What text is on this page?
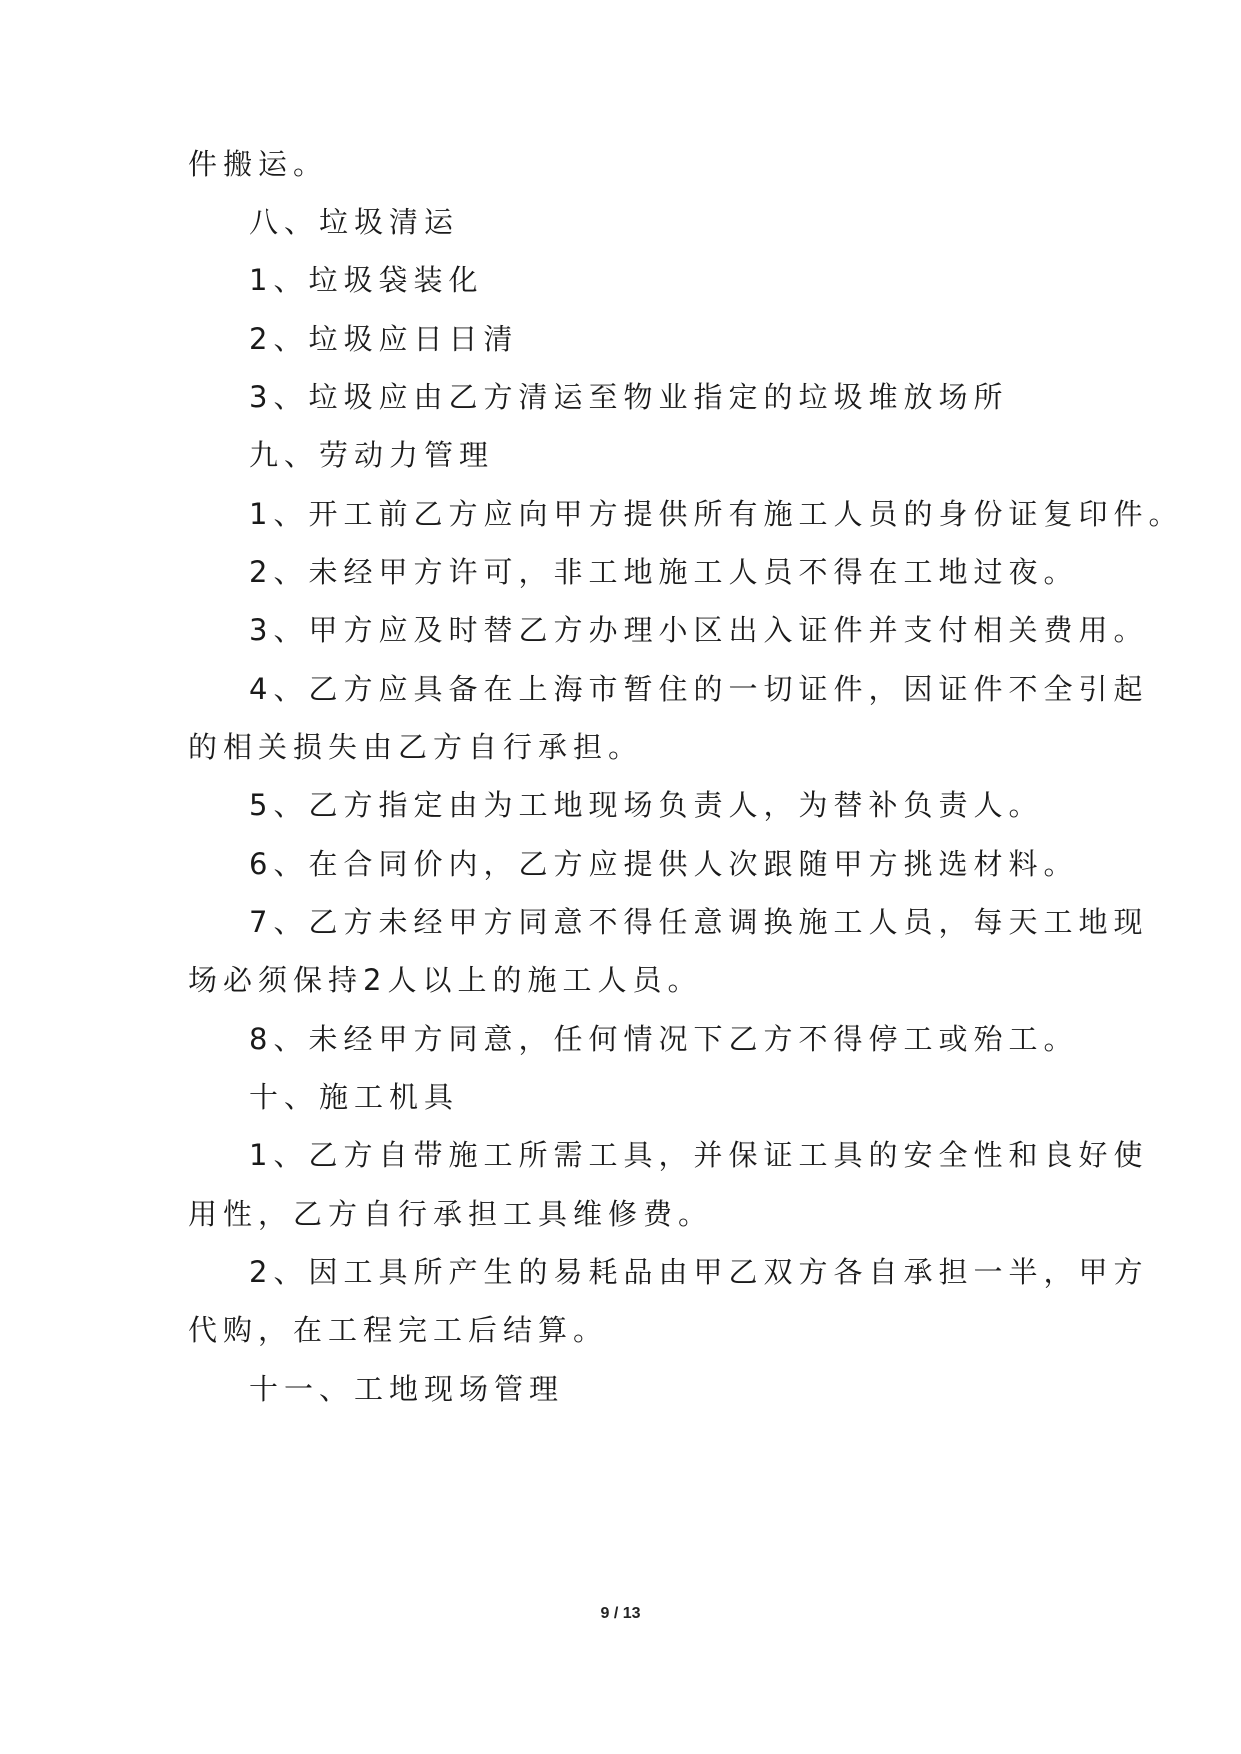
件搬运。
八、垃圾清运
1、垃圾袋装化
2、垃圾应日日清
3、垃圾应由乙方清运至物业指定的垃圾堆放场所
九、劳动力管理
1、开工前乙方应向甲方提供所有施工人员的身份证复印件。
2、未经甲方许可，非工地施工人员不得在工地过夜。
3、甲方应及时替乙方办理小区出入证件并支付相关费用。
4、乙方应具备在上海市暂住的一切证件，因证件不全引起
的相关损失由乙方自行承担。
5、乙方指定由为工地现场负责人，为替补负责人。
6、在合同价内，乙方应提供人次跟随甲方挑选材料。
7、乙方未经甲方同意不得任意调换施工人员，每天工地现
场必须保持2人以上的施工人员。
8、未经甲方同意，任何情况下乙方不得停工或殆工。
十、施工机具
1、乙方自带施工所需工具，并保证工具的安全性和良好使
用性，乙方自行承担工具维修费。
2、因工具所产生的易耗品由甲乙双方各自承担一半，甲方
代购，在工程完工后结算。
十一、工地现场管理
9 / 13
